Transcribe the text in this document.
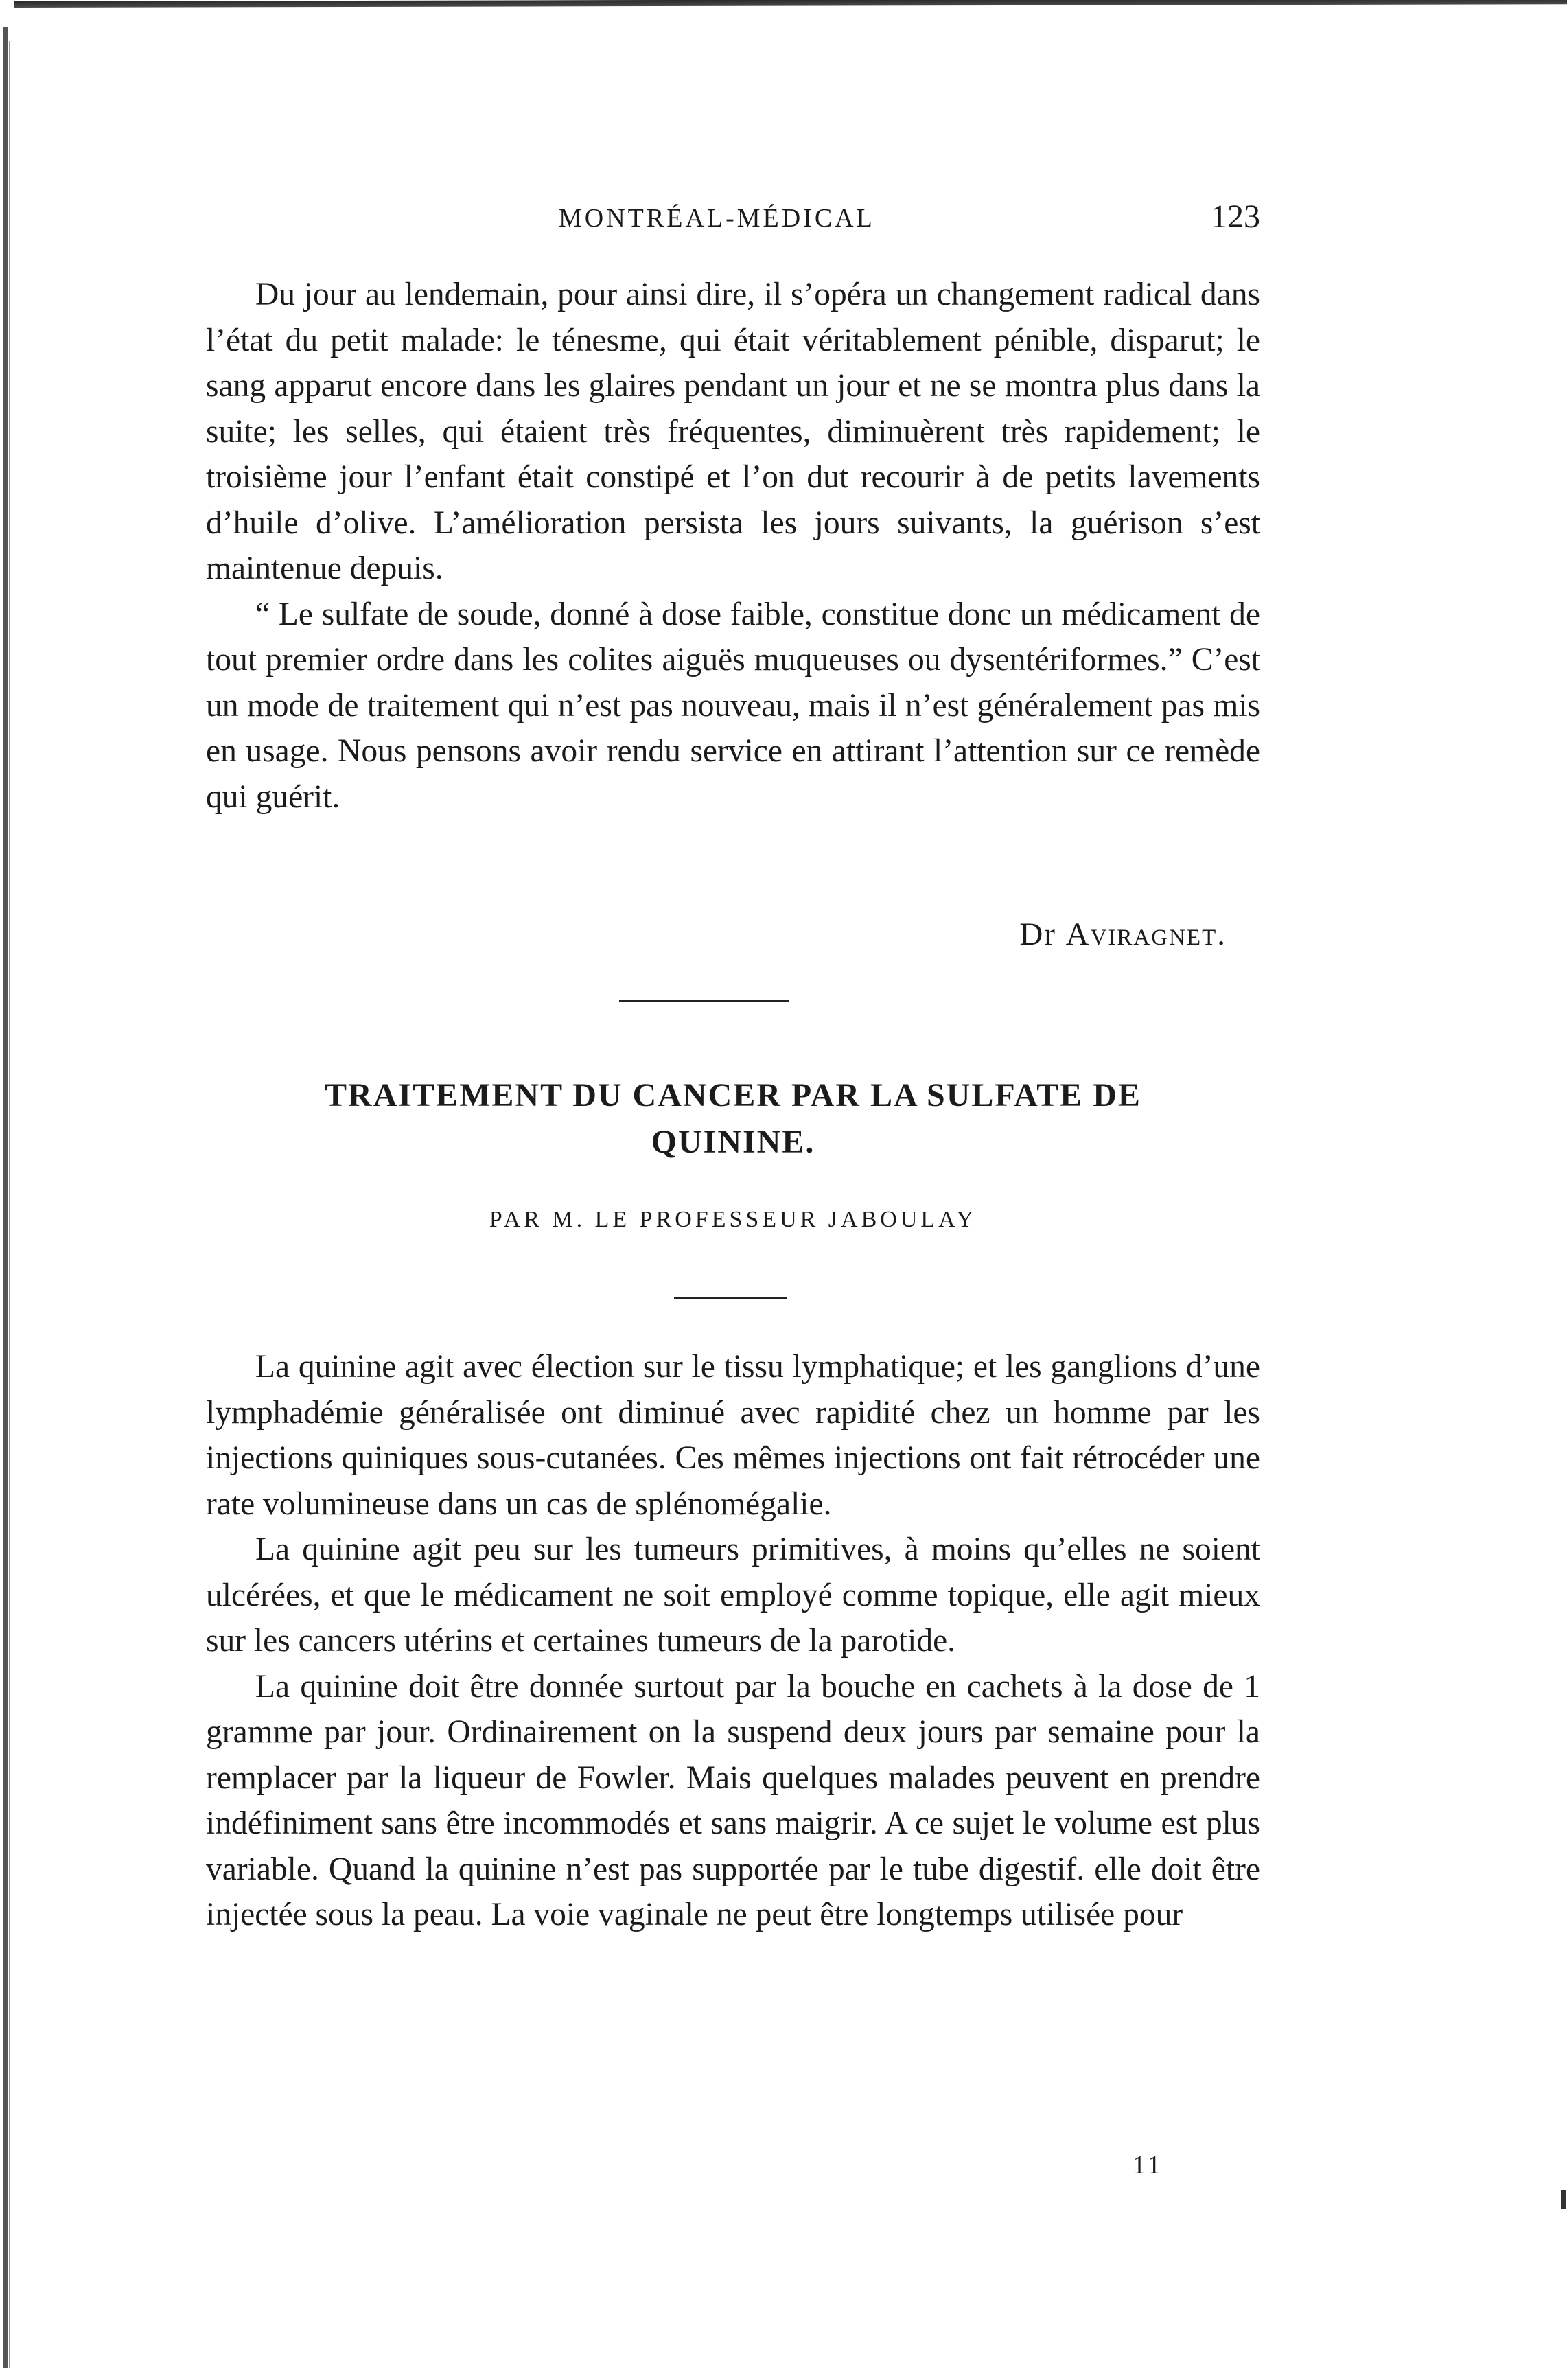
MONTRÉAL-MÉDICAL	123

Du jour au lendemain, pour ainsi dire, il s’opéra un changement radical dans l’état du petit malade: le ténesme, qui était véritablement pénible, disparut; le sang apparut encore dans les glaires pendant un jour et ne se montra plus dans la suite; les selles, qui étaient très fréquentes, diminuèrent très rapidement; le troisième jour l’enfant était constipé et l’on dut recourir à de petits lavements d’huile d’olive. L’amélioration persista les jours suivants, la guérison s’est maintenue depuis.

“ Le sulfate de soude, donné à dose faible, constitue donc un médicament de tout premier ordre dans les colites aiguës muqueuses ou dysentériformes.” C’est un mode de traitement qui n’est pas nouveau, mais il n’est généralement pas mis en usage. Nous pensons avoir rendu service en attirant l’attention sur ce remède qui guérit.

Dr Aviragnet.
TRAITEMENT DU CANCER PAR LA SULFATE DE
QUININE.
PAR M. LE PROFESSEUR JABOULAY

La quinine agit avec élection sur le tissu lymphatique; et les ganglions d’une lymphadémie généralisée ont diminué avec rapidité chez un homme par les injections quiniques sous-cutanées. Ces mêmes injections ont fait rétrocéder une rate volumineuse dans un cas de splénomégalie.

La quinine agit peu sur les tumeurs primitives, à moins qu’elles ne soient ulcérées, et que le médicament ne soit employé comme topique, elle agit mieux sur les cancers utérins et certaines tumeurs de la parotide.

La quinine doit être donnée surtout par la bouche en cachets à la dose de 1 gramme par jour. Ordinairement on la suspend deux jours par semaine pour la remplacer par la liqueur de Fowler. Mais quelques malades peuvent en prendre indéfiniment sans être incommodés et sans maigrir. A ce sujet le volume est plus variable. Quand la quinine n’est pas supportée par le tube digestif. elle doit être injectée sous la peau. La voie vaginale ne peut être longtemps utilisée pour

11
